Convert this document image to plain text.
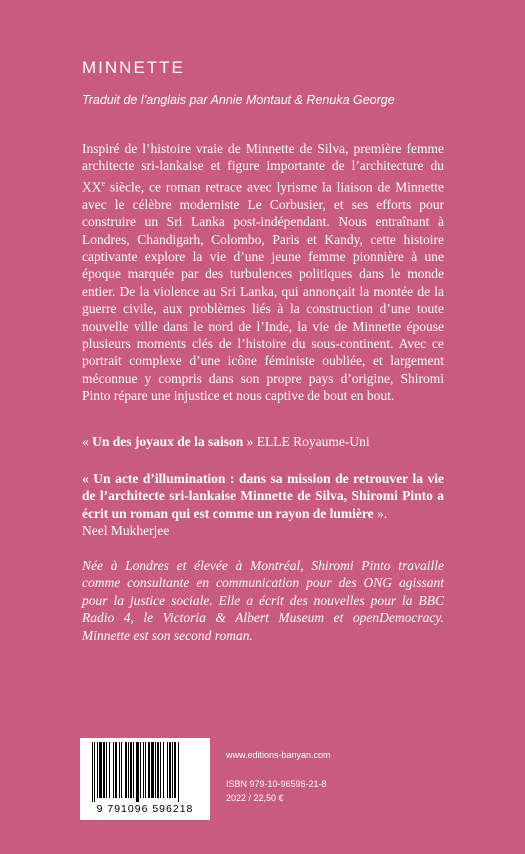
MINNETTE
Traduit de l’anglais par Annie Montaut & Renuka George

Inspiré de l’histoire vraie de Minnette de Silva, première femme architecte sri-lankaise et figure importante de l’architecture du XXe siècle, ce roman retrace avec lyrisme la liaison de Minnette avec le célèbre moderniste Le Corbusier, et ses efforts pour construire un Sri Lanka post-indépendant. Nous entraînant à Londres, Chandigarh, Colombo, Paris et Kandy, cette histoire captivante explore la vie d’une jeune femme pionnière à une époque marquée par des turbulences politiques dans le monde entier. De la violence au Sri Lanka, qui annonçait la montée de la guerre civile, aux problèmes liés à la construction d’une toute nouvelle ville dans le nord de l’Inde, la vie de Minnette épouse plusieurs moments clés de l’histoire du sous-continent. Avec ce portrait complexe d’une icône féministe oubliée, et largement méconnue y compris dans son propre pays d’origine, Shiromi Pinto répare une injustice et nous captive de bout en bout.

« Un des joyaux de la saison » ELLE Royaume-Uni

« Un acte d’illumination : dans sa mission de retrouver la vie de l’architecte sri-lankaise Minnette de Silva, Shiromi Pinto a écrit un roman qui est comme un rayon de lumière ».
Neel Mukherjee

Née à Londres et élevée à Montréal, Shiromi Pinto travaille comme consultante en communication pour des ONG agissant pour la justice sociale. Elle a écrit des nouvelles pour la BBC Radio 4, le Victoria & Albert Museum et openDemocracy. Minnette est son second roman.

9 791096 596218
www.editions-banyan.com
ISBN 979-10-96596-21-8
2022 / 22,50 €
